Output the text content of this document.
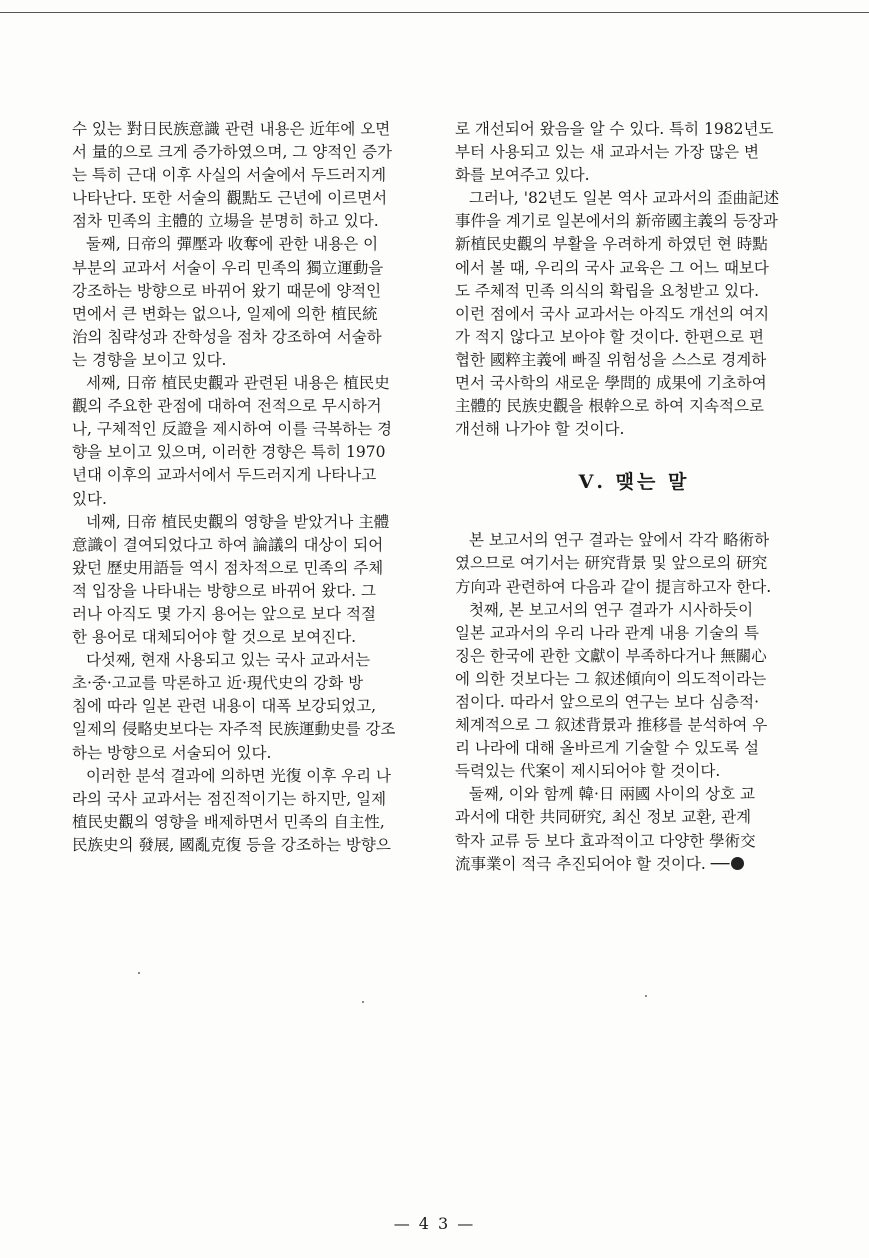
수 있는 對日民族意識 관련 내용은 近年에 오면
서 量的으로 크게 증가하였으며, 그 양적인 증가
는 특히 근대 이후 사실의 서술에서 두드러지게
나타난다. 또한 서술의 觀點도 근년에 이르면서
점차 민족의 主體的 立場을 분명히 하고 있다.

둘째, 日帝의 彈壓과 收奪에 관한 내용은 이
부분의 교과서 서술이 우리 민족의 獨立運動을
강조하는 방향으로 바뀌어 왔기 때문에 양적인
면에서 큰 변화는 없으나, 일제에 의한 植民統
治의 침략성과 잔학성을 점차 강조하여 서술하
는 경향을 보이고 있다.

세째, 日帝 植民史觀과 관련된 내용은 植民史
觀의 주요한 관점에 대하여 전적으로 무시하거
나, 구체적인 反證을 제시하여 이를 극복하는 경
향을 보이고 있으며, 이러한 경향은 특히 1970
년대 이후의 교과서에서 두드러지게 나타나고
있다.

네째, 日帝 植民史觀의 영향을 받았거나 主體
意識이 결여되었다고 하여 論議의 대상이 되어
왔던 歷史用語들 역시 점차적으로 민족의 주체
적 입장을 나타내는 방향으로 바뀌어 왔다. 그
러나 아직도 몇 가지 용어는 앞으로 보다 적절
한 용어로 대체되어야 할 것으로 보여진다.

다섯째, 현재 사용되고 있는 국사 교과서는
초·중·고교를 막론하고 近·現代史의 강화 방
침에 따라 일본 관련 내용이 대폭 보강되었고,
일제의 侵略史보다는 자주적 民族運動史를 강조
하는 방향으로 서술되어 있다.

이러한 분석 결과에 의하면 光復 이후 우리 나
라의 국사 교과서는 점진적이기는 하지만, 일제
植民史觀의 영향을 배제하면서 민족의 自主性,
民族史의 發展, 國亂克復 등을 강조하는 방향으

로 개선되어 왔음을 알 수 있다. 특히 1982년도
부터 사용되고 있는 새 교과서는 가장 많은 변
화를 보여주고 있다.

그러나, '82년도 일본 역사 교과서의 歪曲記述
事件을 계기로 일본에서의 新帝國主義의 등장과
新植民史觀의 부활을 우려하게 하였던 현 時點
에서 볼 때, 우리의 국사 교육은 그 어느 때보다
도 주체적 민족 의식의 확립을 요청받고 있다.
이런 점에서 국사 교과서는 아직도 개선의 여지
가 적지 않다고 보아야 할 것이다. 한편으로 편
협한 國粹主義에 빠질 위험성을 스스로 경계하
면서 국사학의 새로운 學問的 成果에 기초하여
主體的 民族史觀을 根幹으로 하여 지속적으로
개선해 나가야 할 것이다.

Ⅴ. 맺는 말

본 보고서의 연구 결과는 앞에서 각각 略術하
였으므로 여기서는 研究背景 및 앞으로의 研究
方向과 관련하여 다음과 같이 提言하고자 한다.

첫째, 본 보고서의 연구 결과가 시사하듯이
일본 교과서의 우리 나라 관계 내용 기술의 특
징은 한국에 관한 文獻이 부족하다거나 無關心
에 의한 것보다는 그 叙述傾向이 의도적이라는
점이다. 따라서 앞으로의 연구는 보다 심층적·
체계적으로 그 叙述背景과 推移를 분석하여 우
리 나라에 대해 올바르게 기술할 수 있도록 설
득력있는 代案이 제시되어야 할 것이다.

둘째, 이와 함께 韓·日 兩國 사이의 상호 교
과서에 대한 共同研究, 최신 정보 교환, 관계
학자 교류 등 보다 효과적이고 다양한 學術交
流事業이 적극 추진되어야 할 것이다. ──

— 4 3 —
